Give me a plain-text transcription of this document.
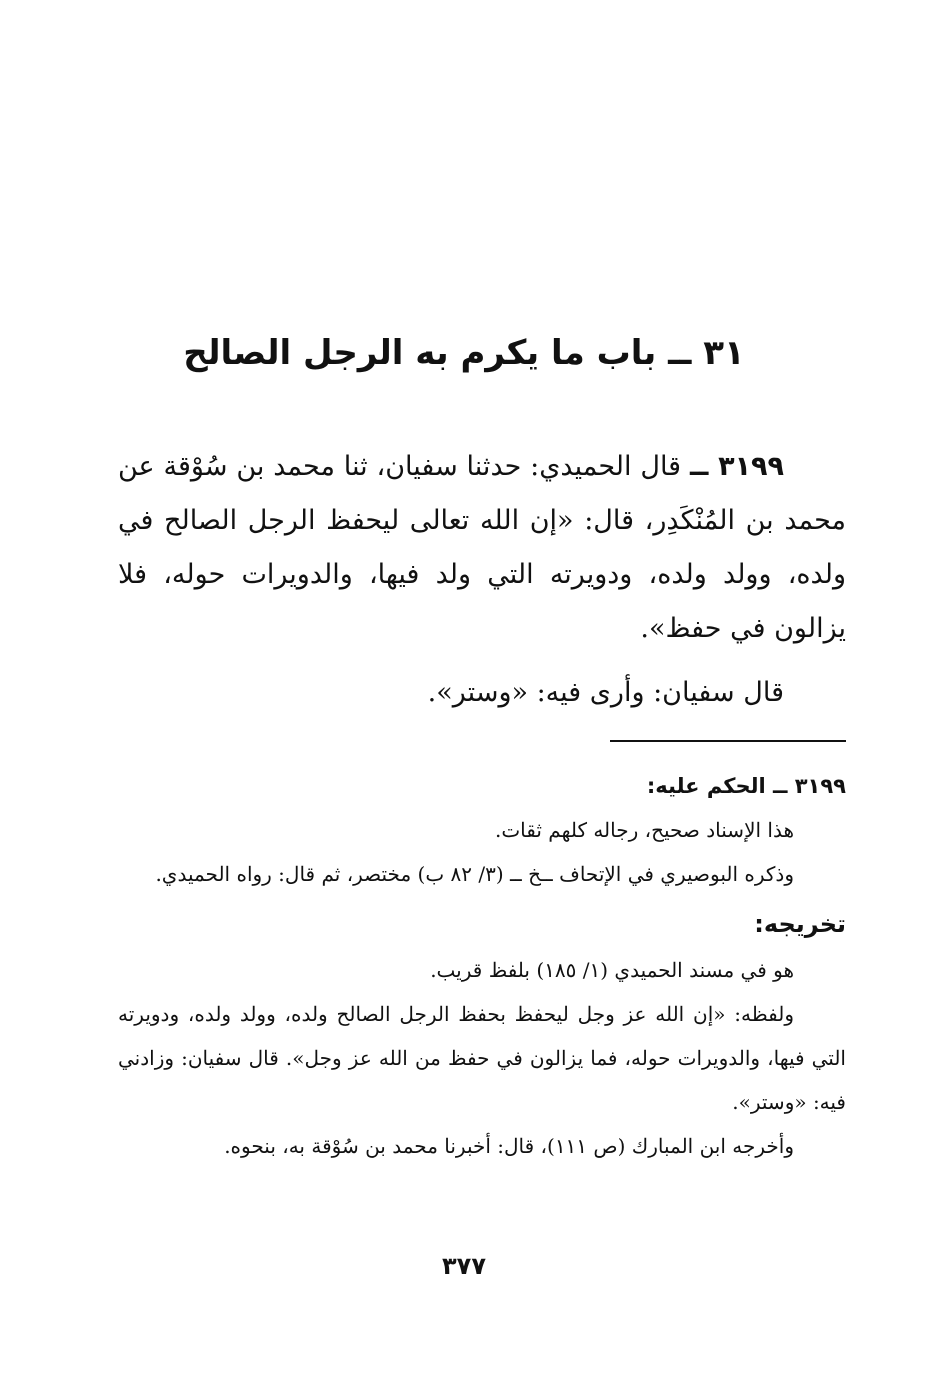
٣١ ــ باب ما يكرم به الرجل الصالح

٣١٩٩ ــ قال الحميدي: حدثنا سفيان، ثنا محمد بن سُوْقة عن محمد بن المُنْكَدِر، قال: «إن الله تعالى ليحفظ الرجل الصالح في ولده، وولد ولده، ودويرته التي ولد فيها، والدويرات حوله، فلا يزالون في حفظ».

قال سفيان: وأرى فيه: «وستر».

٣١٩٩ ــ الحكم عليه:

هذا الإسناد صحيح، رجاله كلهم ثقات.

وذكره البوصيري في الإتحاف ــخ ــ (٣/ ٨٢ ب) مختصر، ثم قال: رواه الحميدي.

تخريجه:

هو في مسند الحميدي (١/ ١٨٥) بلفظ قريب.

ولفظه: «إن الله عز وجل ليحفظ بحفظ الرجل الصالح ولده، وولد ولده، ودويرته التي فيها، والدويرات حوله، فما يزالون في حفظ من الله عز وجل». قال سفيان: وزادني فيه: «وستر».

وأخرجه ابن المبارك (ص ١١١)، قال: أخبرنا محمد بن سُوْقة به، بنحوه.

٣٧٧
